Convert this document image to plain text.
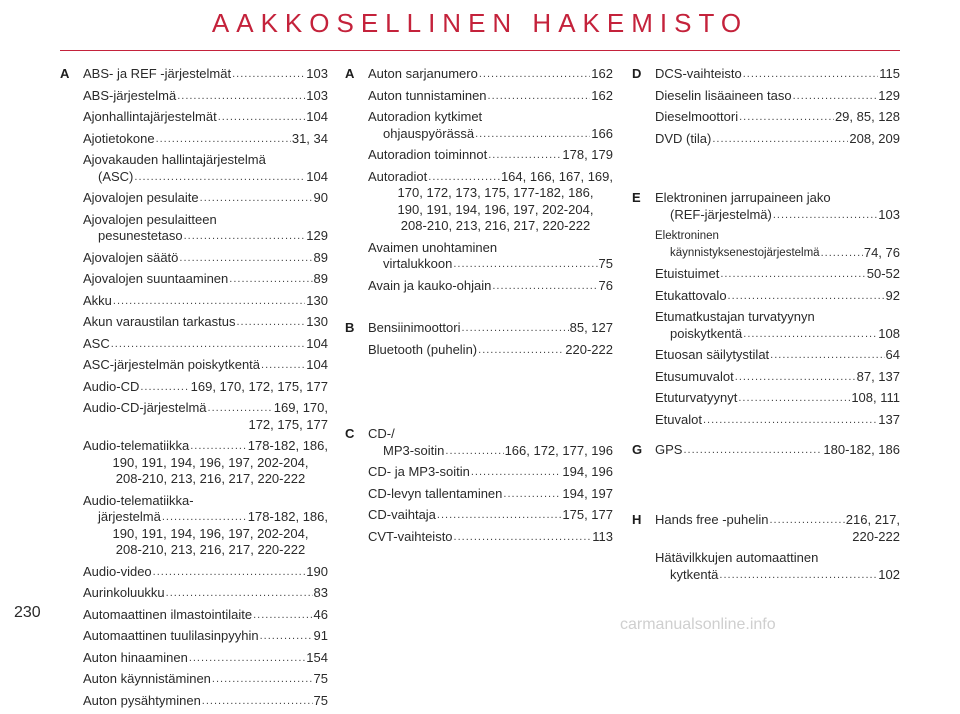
AAKKOSELLINEN HAKEMISTO
A ABS- ja REF -järjestelmät .....	103
ABS-järjestelmä .....	103
Ajonhallintajärjestelmät .....	104
Ajotietokone .....	31, 34
Ajovakauden hallintajärjestelmä
(ASC) .....	104
Ajovalojen pesulaite .....	90
Ajovalojen pesulaitteen
pesunestetaso .....	129
Ajovalojen säätö .....	89
Ajovalojen suuntaaminen .....	89
Akku .....	130
Akun varaustilan tarkastus .....	130
ASC .....	104
ASC-järjestelmän poiskytkentä .....	104
Audio-CD .....	169, 170, 172, 175, 177
Audio-CD-järjestelmä .....	169, 170,
172, 175, 177
Audio-telematiikka .....	178-182, 186,
190, 191, 194, 196, 197, 202-204,
208-210, 213, 216, 217, 220-222
Audio-telematiikka-
järjestelmä .....	178-182, 186,
190, 191, 194, 196, 197, 202-204,
208-210, 213, 216, 217, 220-222
Audio-video .....	190
Aurinkoluukku .....	83
Automaattinen ilmastointilaite .....	46
Automaattinen tuulilasinpyyhin .....	91
Auton hinaaminen .....	154
Auton käynnistäminen .....	75
Auton pysähtyminen .....	75
A Auton sarjanumero .....	162
Auton tunnistaminen .....	162
Autoradion kytkimet
ohjauspyörässä .....	166
Autoradion toiminnot .....	178, 179
Autoradiot .....	164, 166, 167, 169,
170, 172, 173, 175, 177-182, 186,
190, 191, 194, 196, 197, 202-204,
208-210, 213, 216, 217, 220-222
Avaimen unohtaminen
virtalukkoon .....	75
Avain ja kauko-ohjain .....	76
B Bensiinimoottori .....	85, 127
Bluetooth (puhelin) .....	220-222
C CD-/
MP3-soitin .....	166, 172, 177, 196
CD- ja MP3-soitin .....	194, 196
CD-levyn tallentaminen .....	194, 197
CD-vaihtaja .....	175, 177
CVT-vaihteisto .....	113
D DCS-vaihteisto .....	115
Dieselin lisäaineen taso .....	129
Dieselmoottori .....	29, 85, 128
DVD (tila) .....	208, 209
E Elektroninen jarrupaineen jako
(REF-järjestelmä) .....	103
Elektroninen
käynnistyksenestojärjestelmä .....	74, 76
Etuistuimet .....	50-52
Etukattovalo .....	92
Etumatkustajan turvatyynyn
poiskytkentä .....	108
Etuosan säilytystilat .....	64
Etusumuvalot .....	87, 137
Etuturvatyynyt .....	108, 111
Etuvalot .....	137
G GPS .....	180-182, 186
H Hands free -puhelin .....	216, 217,
220-222
Hätävilkkujen automaattinen
kytkentä .....	102
230
carmanualsonline.info
